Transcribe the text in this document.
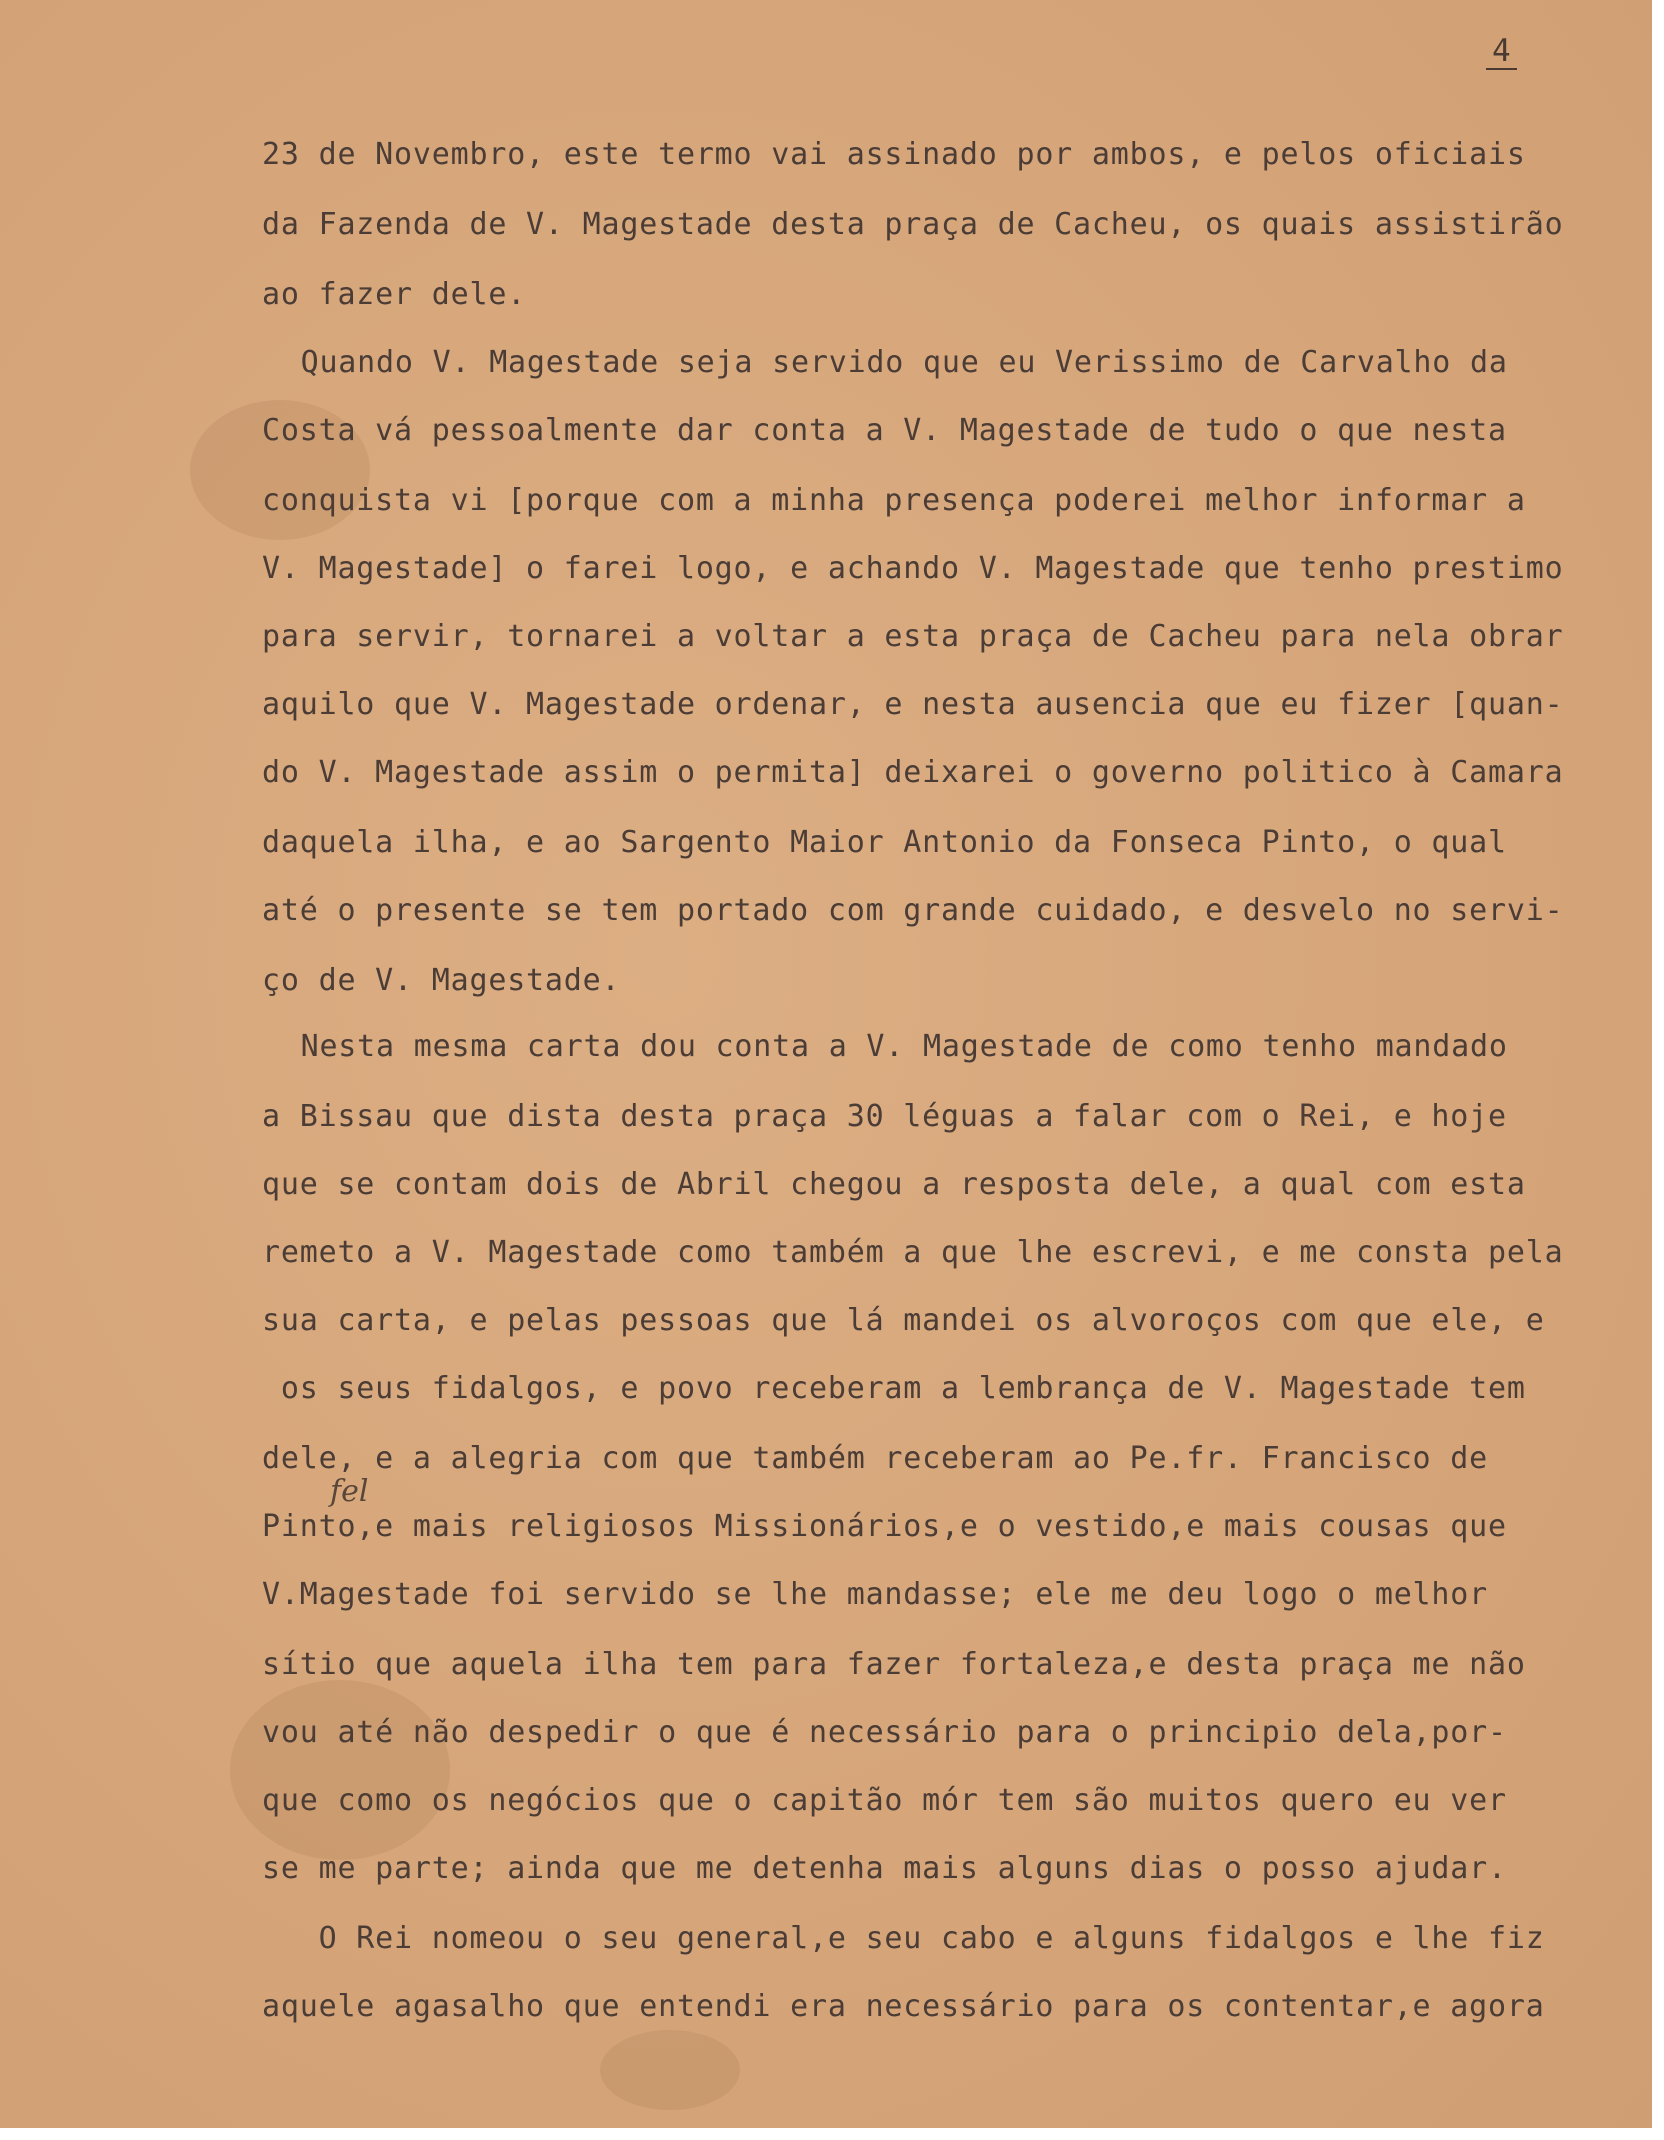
4
23 de Novembro, este termo vai assinado por ambos, e pelos oficiais
da Fazenda de V. Magestade desta praça de Cacheu, os quais assistirão
ao fazer dele.
Quando V. Magestade seja servido que eu Verissimo de Carvalho da
Costa vá pessoalmente dar conta a V. Magestade de tudo o que nesta
conquista vi [porque com a minha presença poderei melhor informar a
V. Magestade] o farei logo, e achando V. Magestade que tenho prestimo
para servir, tornarei a voltar a esta praça de Cacheu para nela obrar
aquilo que V. Magestade ordenar, e nesta ausencia que eu fizer [quan-
do V. Magestade assim o permita] deixarei o governo politico à Camara
daquela ilha, e ao Sargento Maior Antonio da Fonseca Pinto, o qual
até o presente se tem portado com grande cuidado, e desvelo no servi-
ço de V. Magestade.
Nesta mesma carta dou conta a V. Magestade de como tenho mandado
a Bissau que dista desta praça 30 léguas a falar com o Rei, e hoje
que se contam dois de Abril chegou a resposta dele, a qual com esta
remeto a V. Magestade como também a que lhe escrevi, e me consta pela
sua carta, e pelas pessoas que lá mandei os alvoroços com que ele, e
os seus fidalgos, e povo receberam a lembrança de V. Magestade tem
dele, e a alegria com que também receberam ao Pe.fr. Francisco de
Pinto,e mais religiosos Missionários,e o vestido,e mais cousas que
V.Magestade foi servido se lhe mandasse; ele me deu logo o melhor
sítio que aquela ilha tem para fazer fortaleza,e desta praça me não
vou até não despedir o que é necessário para o principio dela,por-
que como os negócios que o capitão mór tem são muitos quero eu ver
se me parte; ainda que me detenha mais alguns dias o posso ajudar.
O Rei nomeou o seu general,e seu cabo e alguns fidalgos e lhe fiz
aquele agasalho que entendi era necessário para os contentar,e agora
fel
